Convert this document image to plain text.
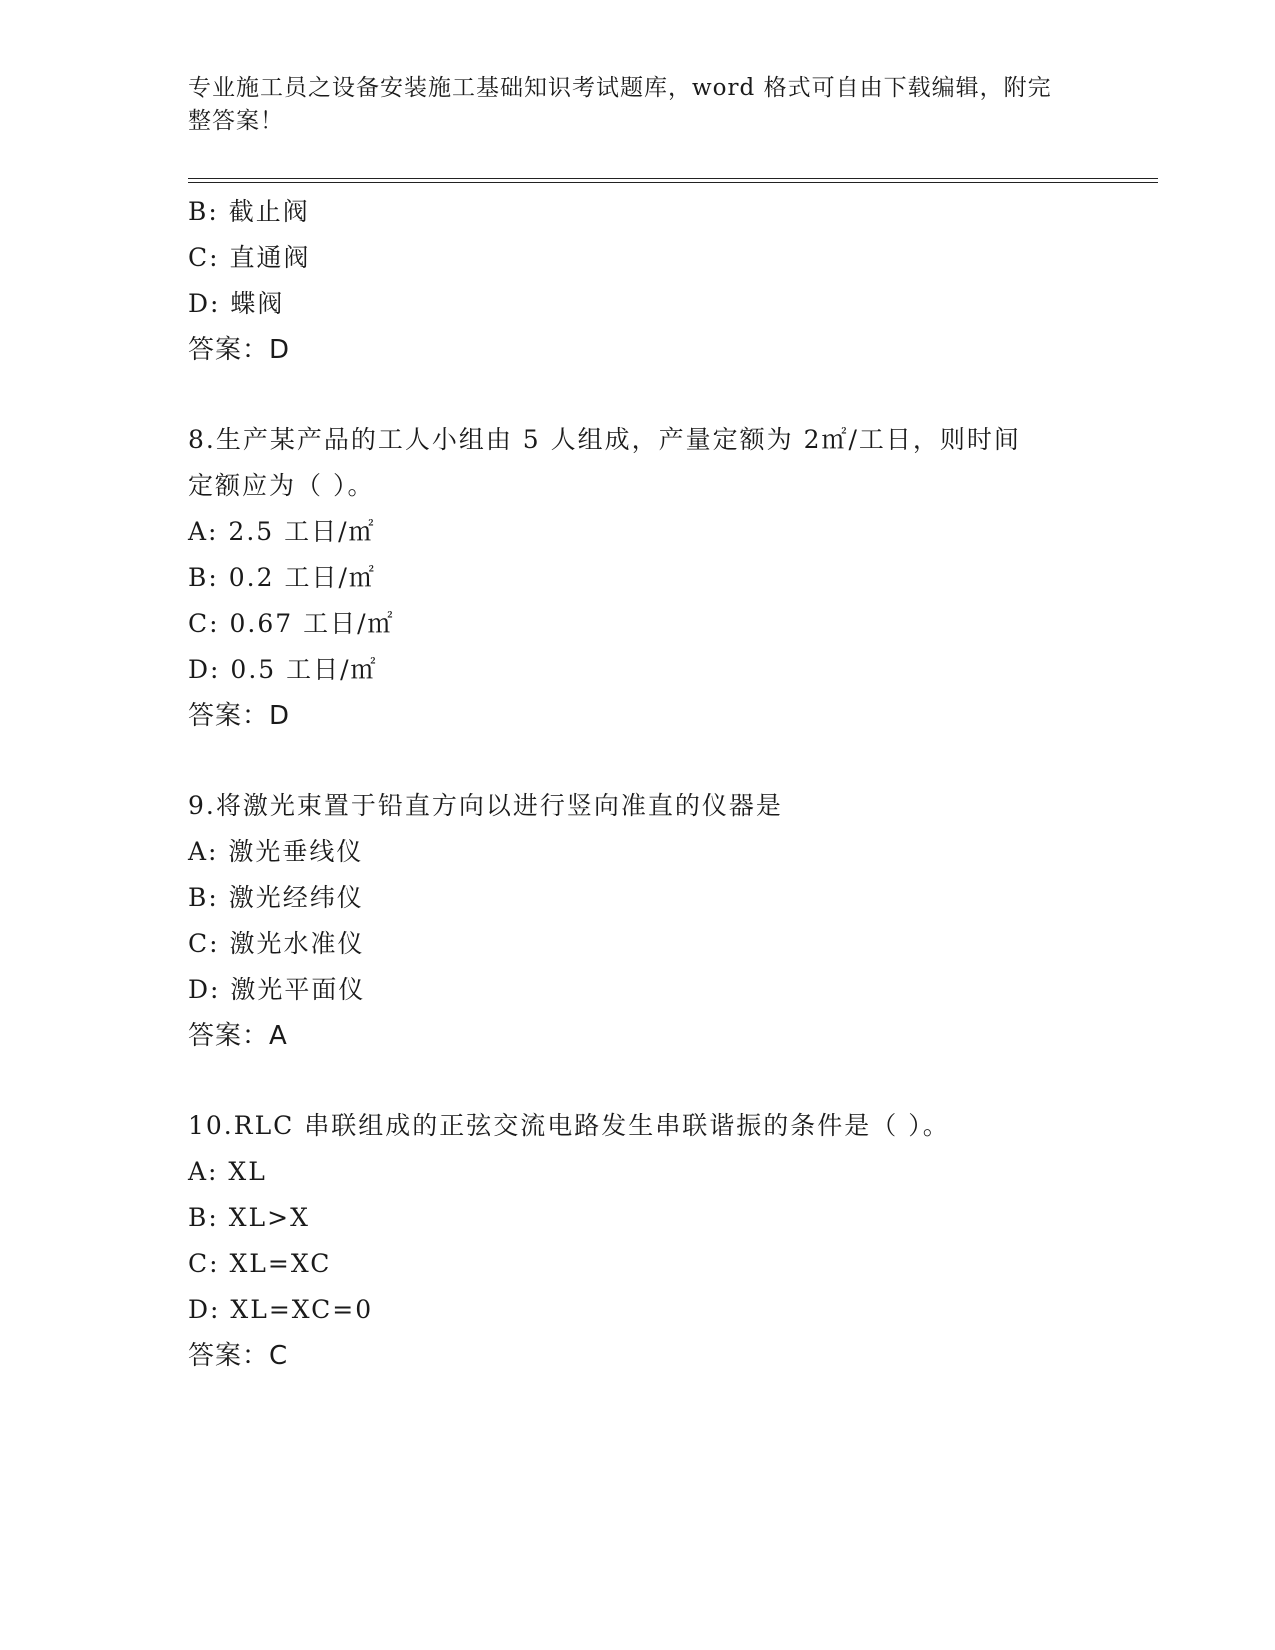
专业施工员之设备安装施工基础知识考试题库，word 格式可自由下载编辑，附完
整答案！
B: 截止阀
C: 直通阀
D: 蝶阀
答案：D
8.生产某产品的工人小组由 5 人组成，产量定额为 2㎡/工日，则时间
定额应为（ ）。
A: 2.5 工日/㎡
B: 0.2 工日/㎡
C: 0.67 工日/㎡
D: 0.5 工日/㎡
答案：D
9.将激光束置于铅直方向以进行竖向准直的仪器是
A: 激光垂线仪
B: 激光经纬仪
C: 激光水准仪
D: 激光平面仪
答案：A
10.RLC 串联组成的正弦交流电路发生串联谐振的条件是（ ）。
A: XL
B: XL>X
C: XL=XC
D: XL=XC=0
答案：C
